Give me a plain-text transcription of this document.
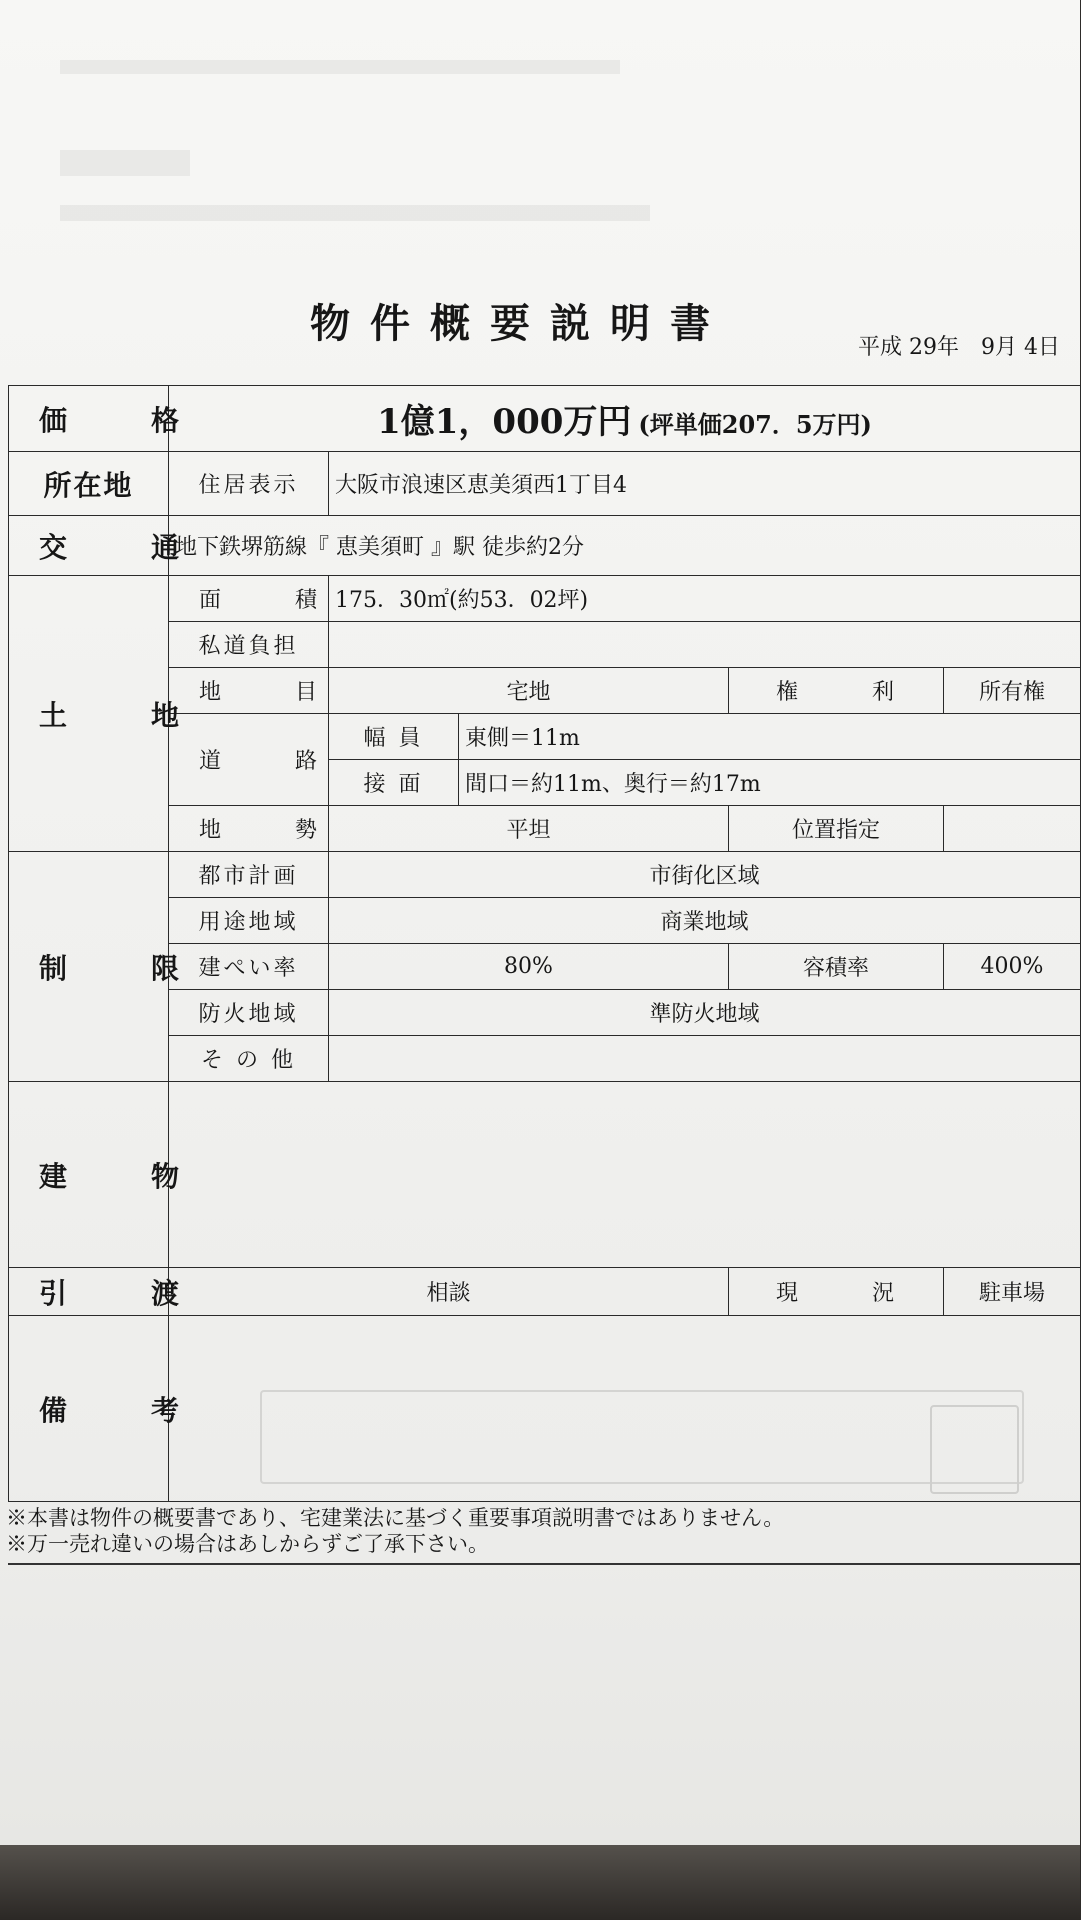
物件概要説明書
平成 29年　9月 4日
価　格	1億1，000万円 (坪単価207．5万円)				
所在地	住居表示	大阪市浪速区恵美須西1丁目4			
交　通	地下鉄堺筋線『 恵美須町 』駅 徒歩約2分				
土　地	面　積	175．30㎡(約53．02坪)			
	私道負担				
	地　目	宅地		権　利	所有権
	道　路	幅 員	東側＝11m		
		接 面	間口＝約11m、奥行＝約17m		
	地　勢	平坦		位置指定	
制　限	都市計画	市街化区域			
	用途地域	商業地域			
	建ぺい率	80%		容積率	400%
	防火地域	準防火地域			
	そ の 他				
建　物					
引　渡	相談			現　況	駐車場
備　考					
※本書は物件の概要書であり、宅建業法に基づく重要事項説明書ではありません。
※万一売れ違いの場合はあしからずご了承下さい。
